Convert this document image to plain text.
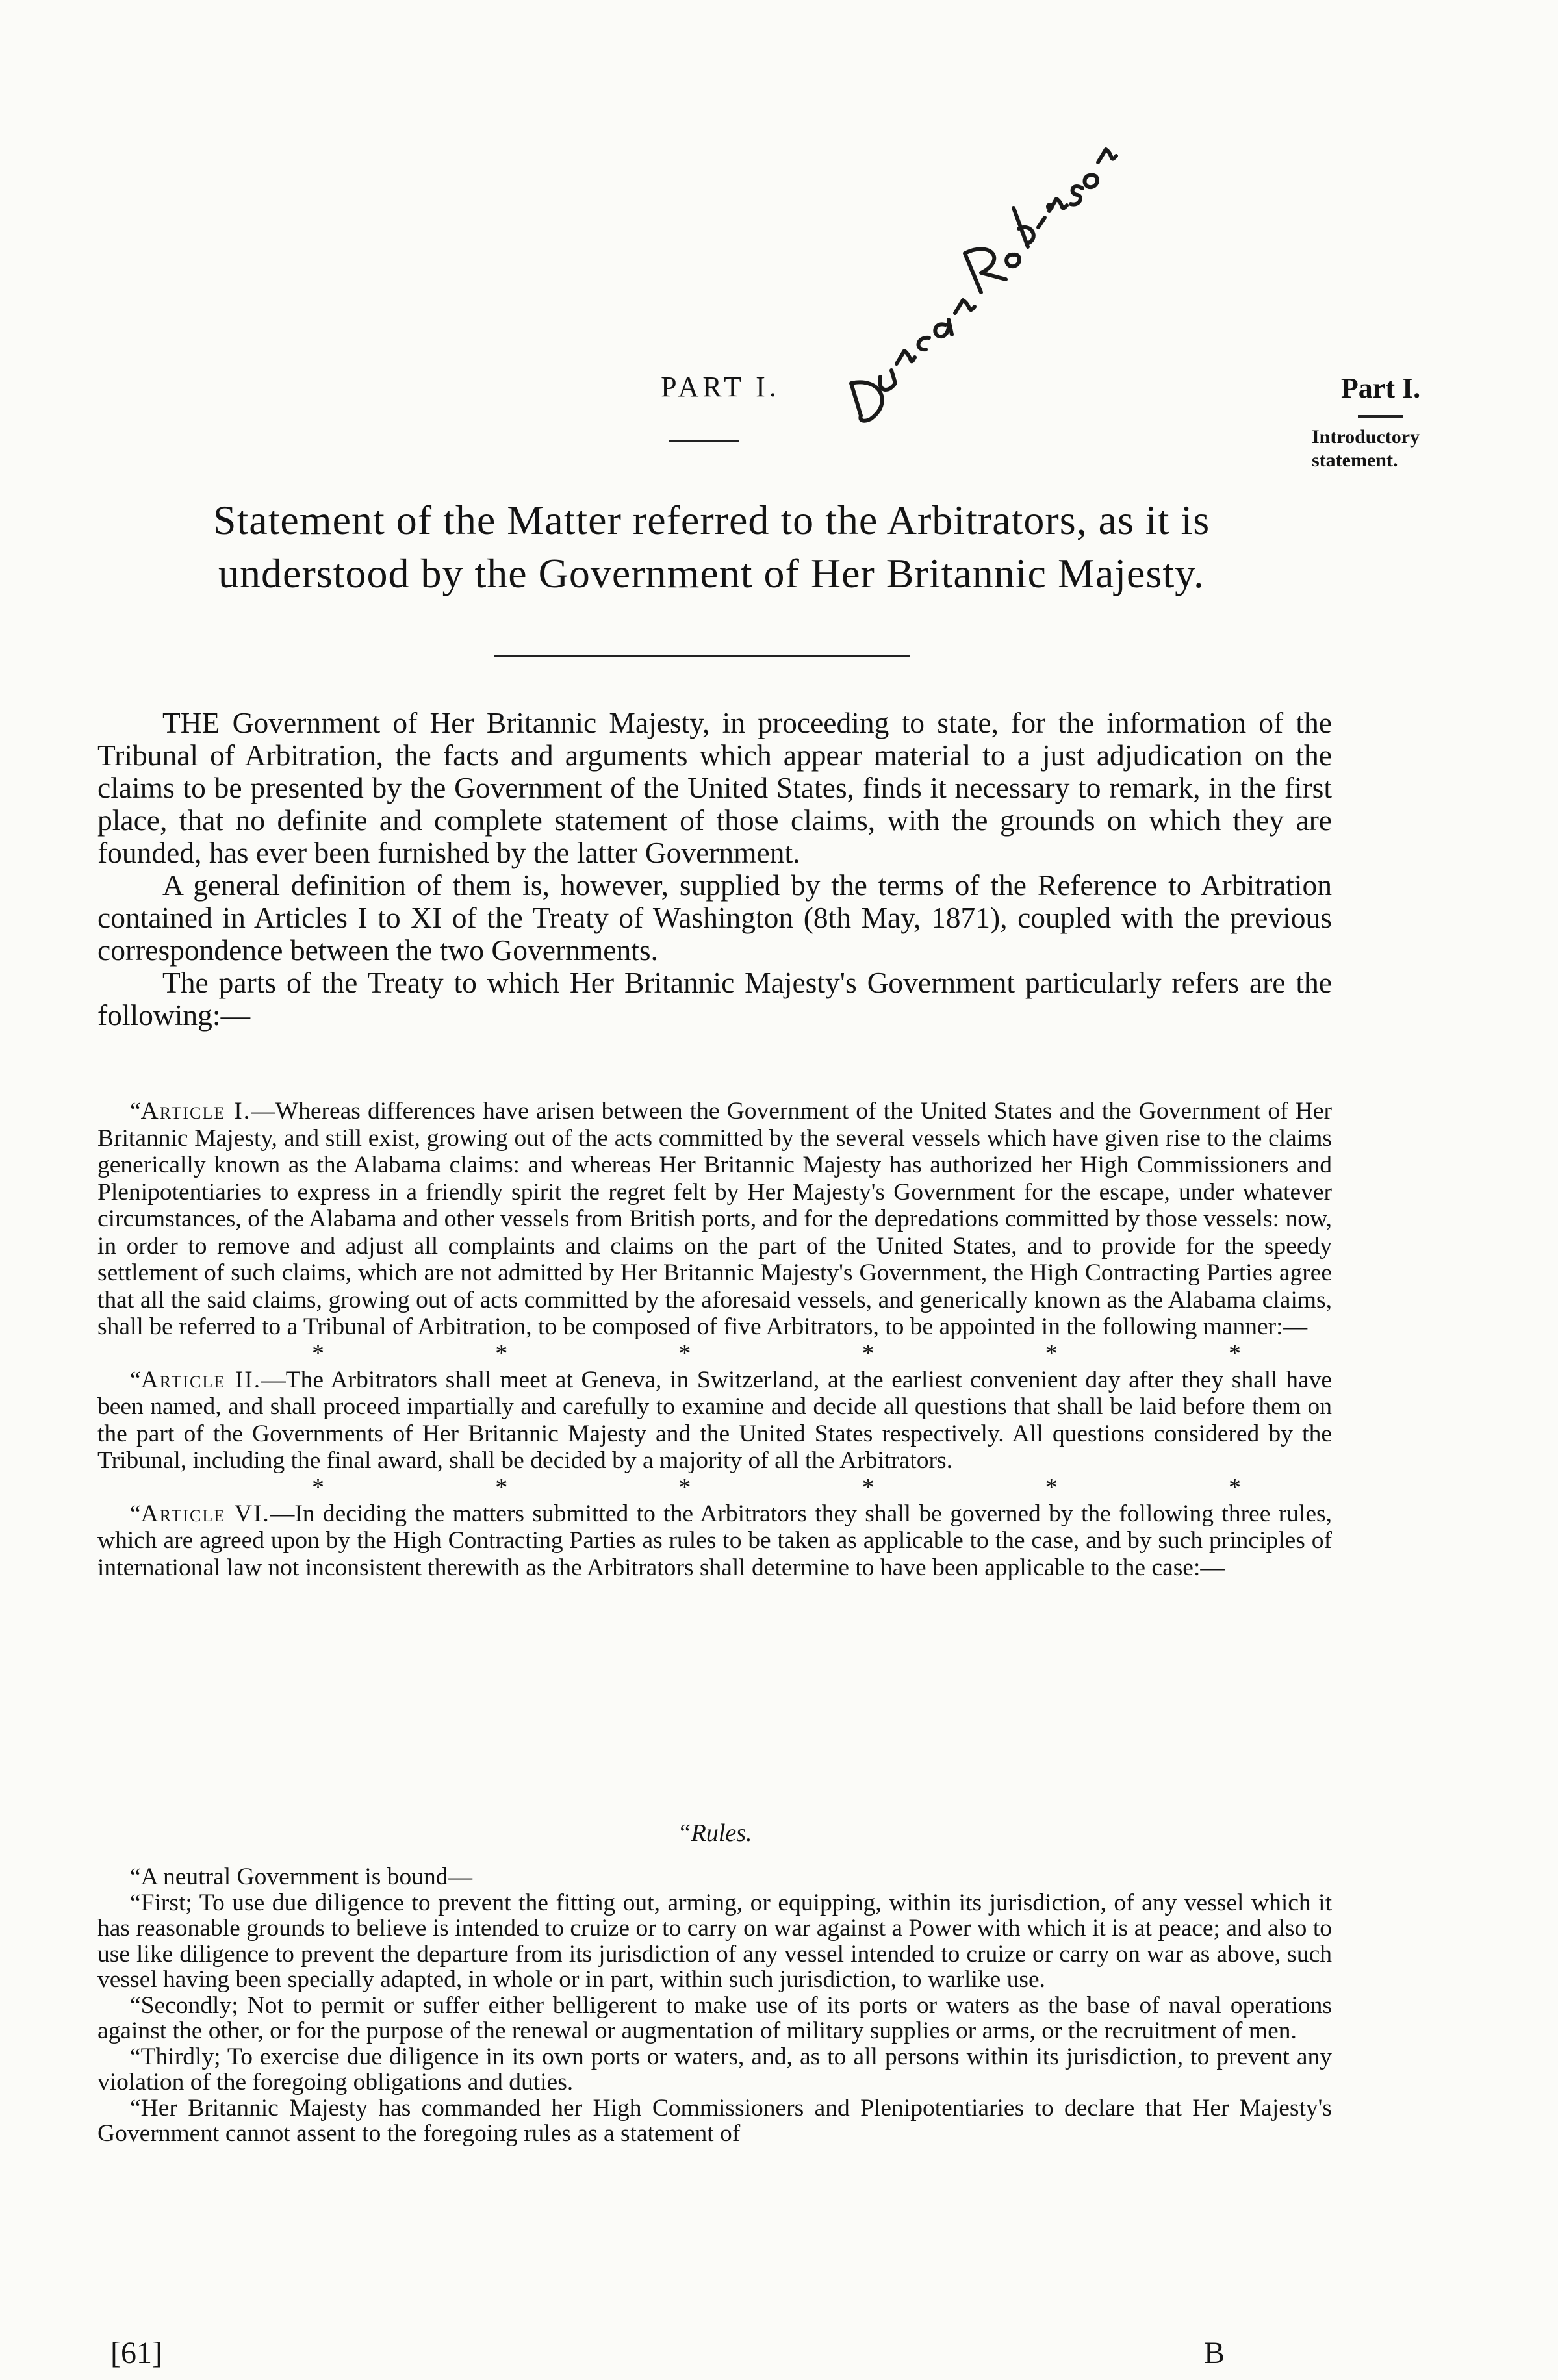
PART I.	Part I.
Introductory
statement.
Statement of the Matter referred to the Arbitrators, as it is
understood by the Government of Her Britannic Majesty.

THE Government of Her Britannic Majesty, in proceeding to state, for the information of the Tribunal of Arbitration, the facts and arguments which appear material to a just adjudication on the claims to be presented by the Government of the United States, finds it necessary to remark, in the first place, that no definite and complete statement of those claims, with the grounds on which they are founded, has ever been furnished by the latter Government.

A general definition of them is, however, supplied by the terms of the Reference to Arbitration contained in Articles I to XI of the Treaty of Washington (8th May, 1871), coupled with the previous correspondence between the two Governments.

The parts of the Treaty to which Her Britannic Majesty's Government particularly refers are the following:—

“Article I.—Whereas differences have arisen between the Government of the United States and the Government of Her Britannic Majesty, and still exist, growing out of the acts committed by the several vessels which have given rise to the claims generically known as the Alabama claims: and whereas Her Britannic Majesty has authorized her High Commissioners and Plenipotentiaries to express in a friendly spirit the regret felt by Her Majesty's Government for the escape, under whatever circumstances, of the Alabama and other vessels from British ports, and for the depredations committed by those vessels: now, in order to remove and adjust all complaints and claims on the part of the United States, and to provide for the speedy settlement of such claims, which are not admitted by Her Britannic Majesty's Government, the High Contracting Parties agree that all the said claims, growing out of acts committed by the aforesaid vessels, and generically known as the Alabama claims, shall be referred to a Tribunal of Arbitration, to be composed of five Arbitrators, to be appointed in the following manner:—

*	*	*	*	*	*

“Article II.—The Arbitrators shall meet at Geneva, in Switzerland, at the earliest convenient day after they shall have been named, and shall proceed impartially and carefully to examine and decide all questions that shall be laid before them on the part of the Governments of Her Britannic Majesty and the United States respectively. All questions considered by the Tribunal, including the final award, shall be decided by a majority of all the Arbitrators.

*	*	*	*	*	*

“Article VI.—In deciding the matters submitted to the Arbitrators they shall be governed by the following three rules, which are agreed upon by the High Contracting Parties as rules to be taken as applicable to the case, and by such principles of international law not inconsistent therewith as the Arbitrators shall determine to have been applicable to the case:—

“Rules.

“A neutral Government is bound—

“First; To use due diligence to prevent the fitting out, arming, or equipping, within its jurisdiction, of any vessel which it has reasonable grounds to believe is intended to cruize or to carry on war against a Power with which it is at peace; and also to use like diligence to prevent the departure from its jurisdiction of any vessel intended to cruize or carry on war as above, such vessel having been specially adapted, in whole or in part, within such jurisdiction, to warlike use.

“Secondly; Not to permit or suffer either belligerent to make use of its ports or waters as the base of naval operations against the other, or for the purpose of the renewal or augmentation of military supplies or arms, or the recruitment of men.

“Thirdly; To exercise due diligence in its own ports or waters, and, as to all persons within its jurisdiction, to prevent any violation of the foregoing obligations and duties.

“Her Britannic Majesty has commanded her High Commissioners and Plenipotentiaries to declare that Her Majesty's Government cannot assent to the foregoing rules as a statement of

[61]	B
